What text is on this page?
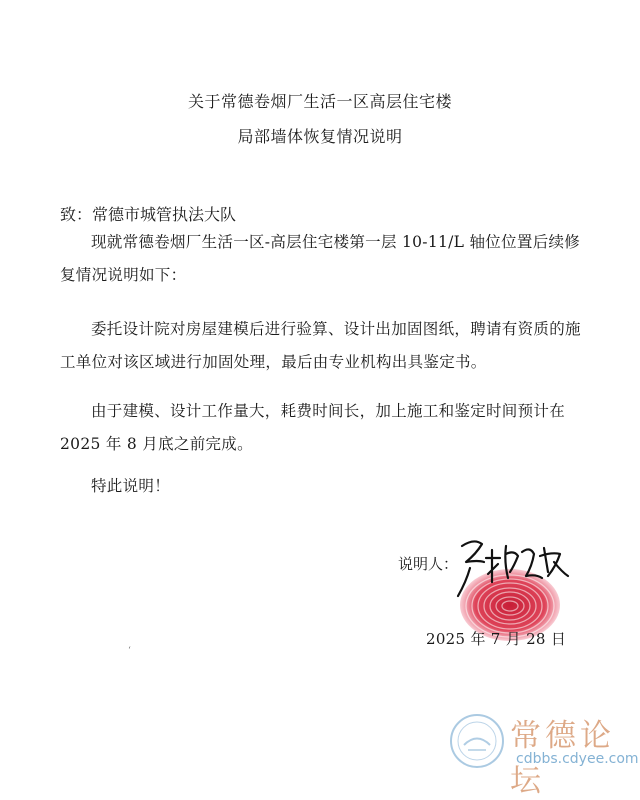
关于常德卷烟厂生活一区高层住宅楼
局部墙体恢复情况说明
致：常德市城管执法大队
现就常德卷烟厂生活一区-高层住宅楼第一层 10-11/L 轴位位置后续修复情况说明如下：
委托设计院对房屋建模后进行验算、设计出加固图纸，聘请有资质的施工单位对该区域进行加固处理，最后由专业机构出具鉴定书。
由于建模、设计工作量大，耗费时间长，加上施工和鉴定时间预计在 2025 年 8 月底之前完成。
特此说明！
说明人：
2025 年 7 月 28 日
‘
常德论坛
cdbbs.cdyee.com
